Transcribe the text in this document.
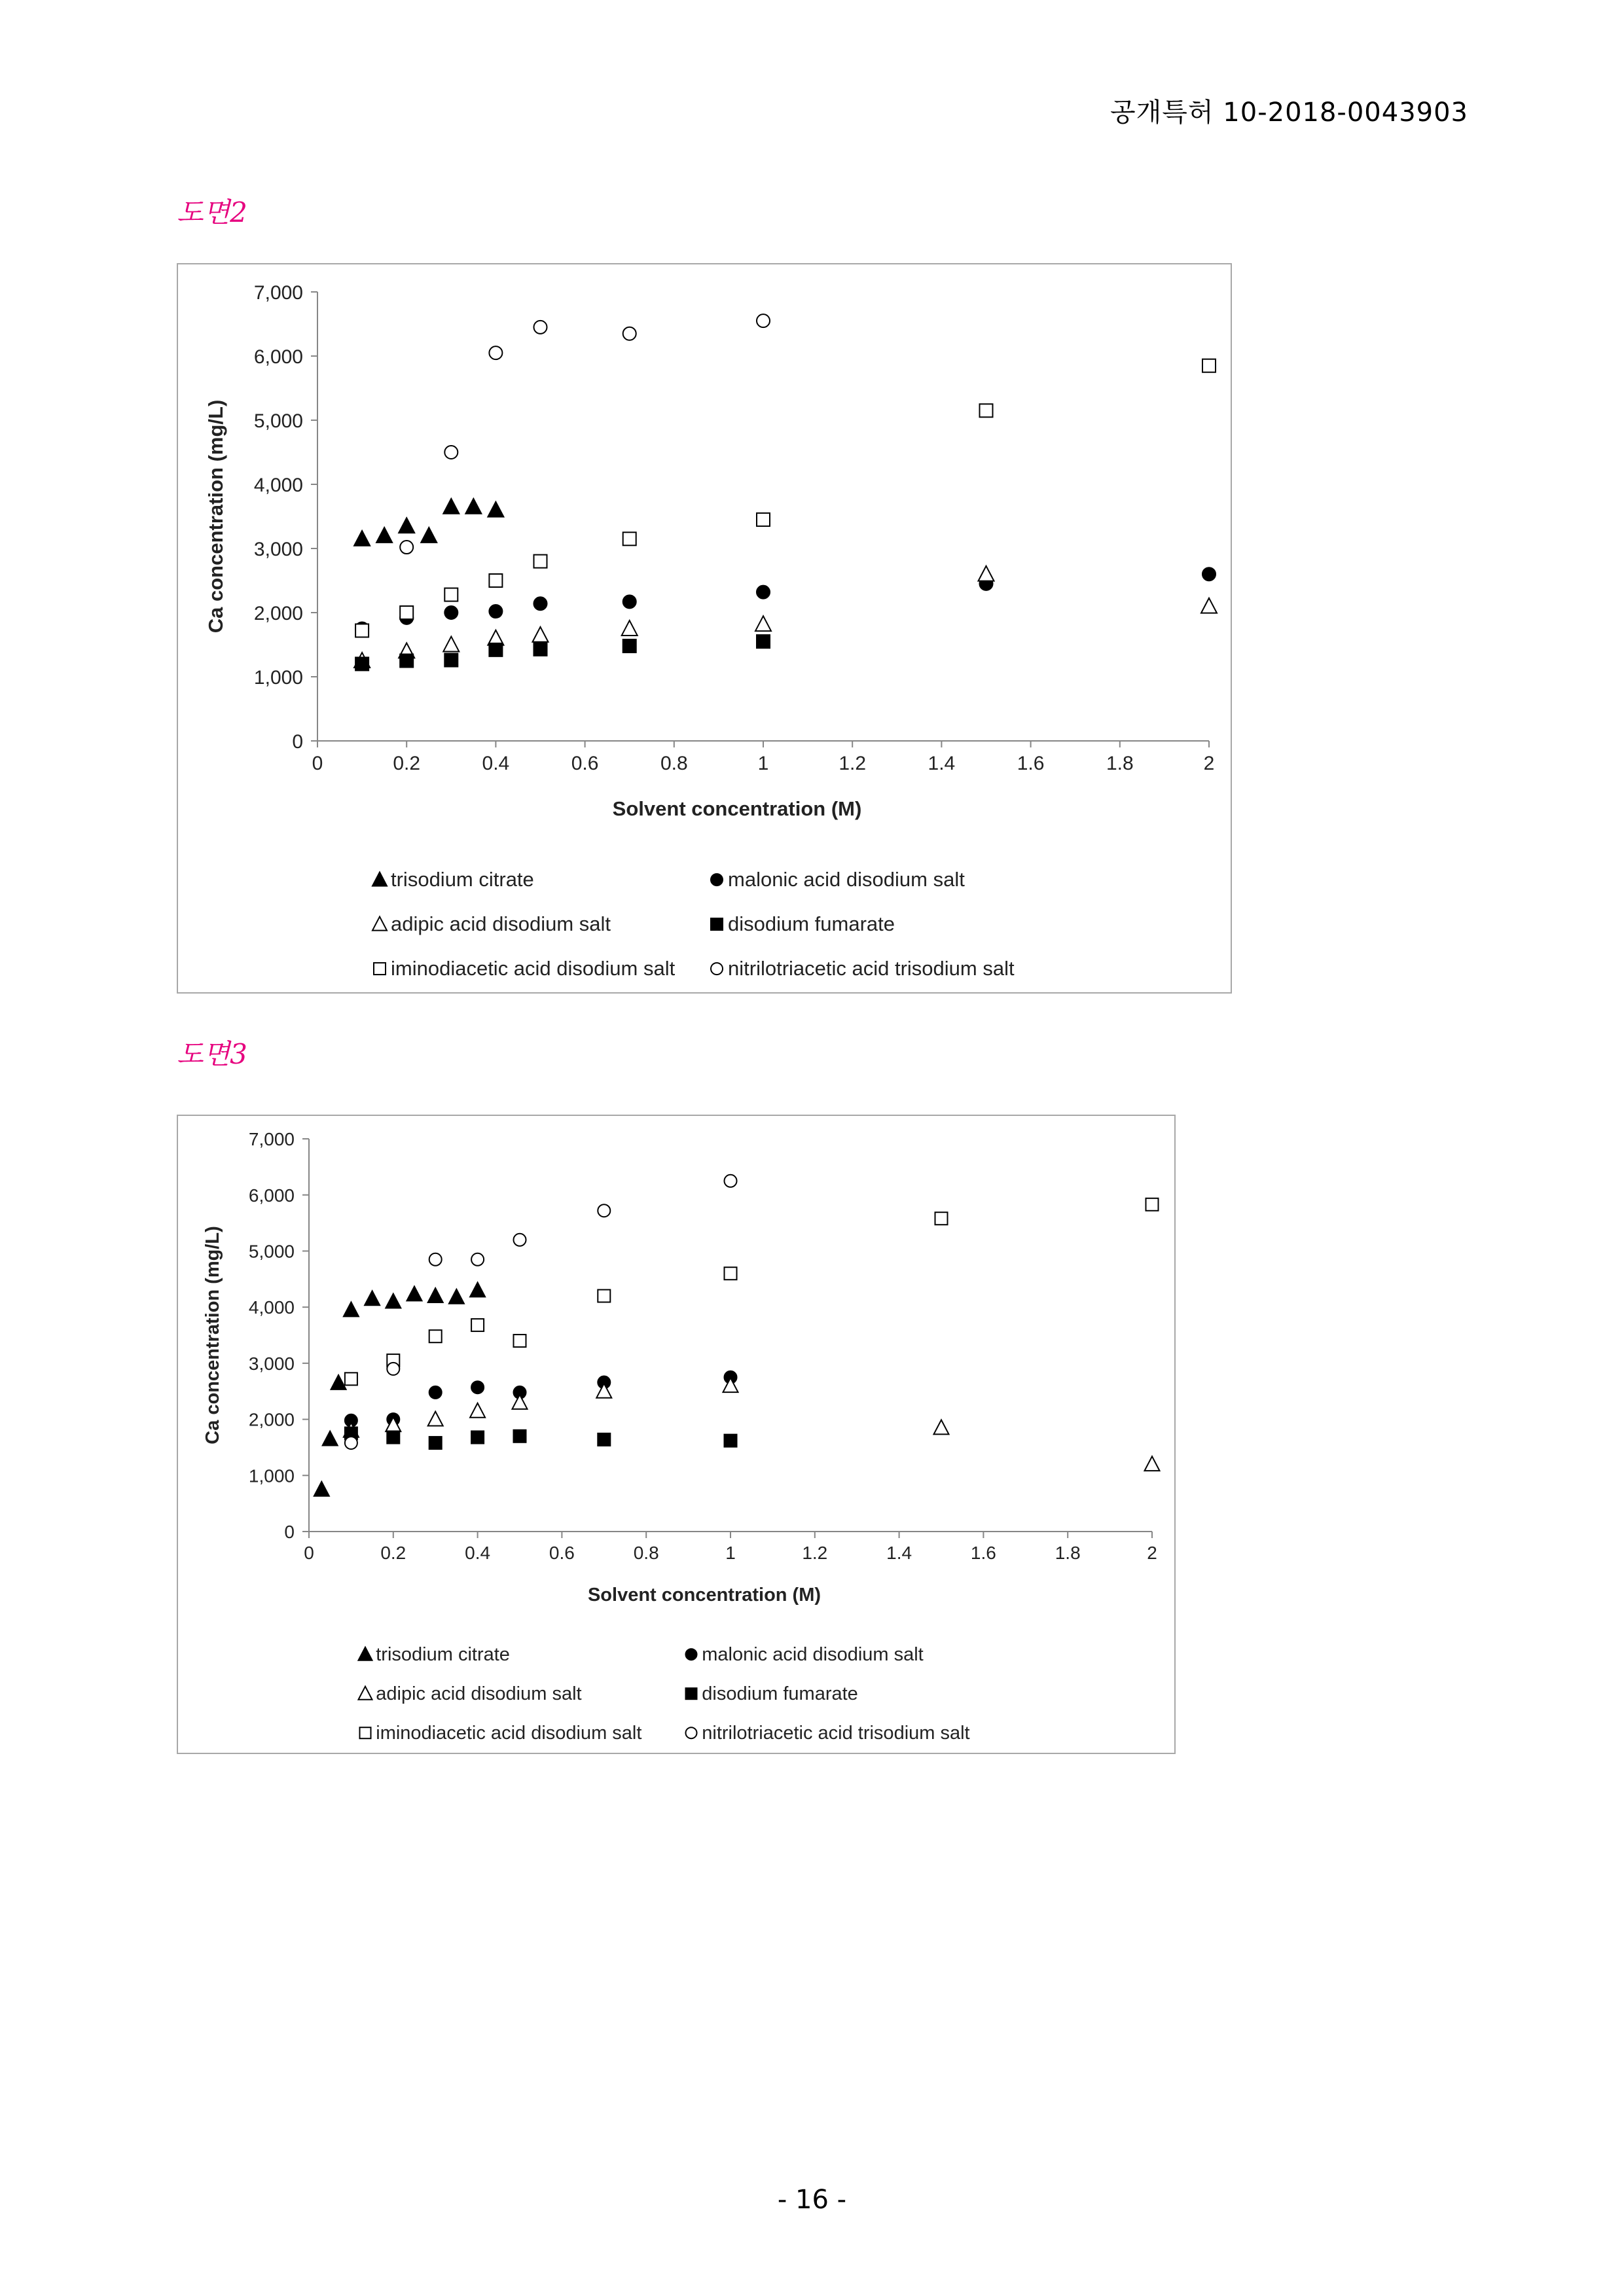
공개특허 10-2018-0043903
도면2
0
1,000
2,000
3,000
4,000
5,000
6,000
7,000
0	0.2	0.4	0.6	0.8	1	1.2	1.4	1.6	1.8	2
Solvent concentration (M)
Ca concentration (mg/L)
trisodium citrate	malonic acid disodium salt
adipic acid disodium salt	disodium fumarate
iminodiacetic acid disodium salt	nitrilotriacetic acid trisodium salt
도면3
0
1,000
2,000
3,000
4,000
5,000
6,000
7,000
0	0.2	0.4	0.6	0.8	1	1.2	1.4	1.6	1.8	2
Solvent concentration (M)
Ca concentration (mg/L)
trisodium citrate	malonic acid disodium salt
adipic acid disodium salt	disodium fumarate
iminodiacetic acid disodium salt	nitrilotriacetic acid trisodium salt
- 16 -
